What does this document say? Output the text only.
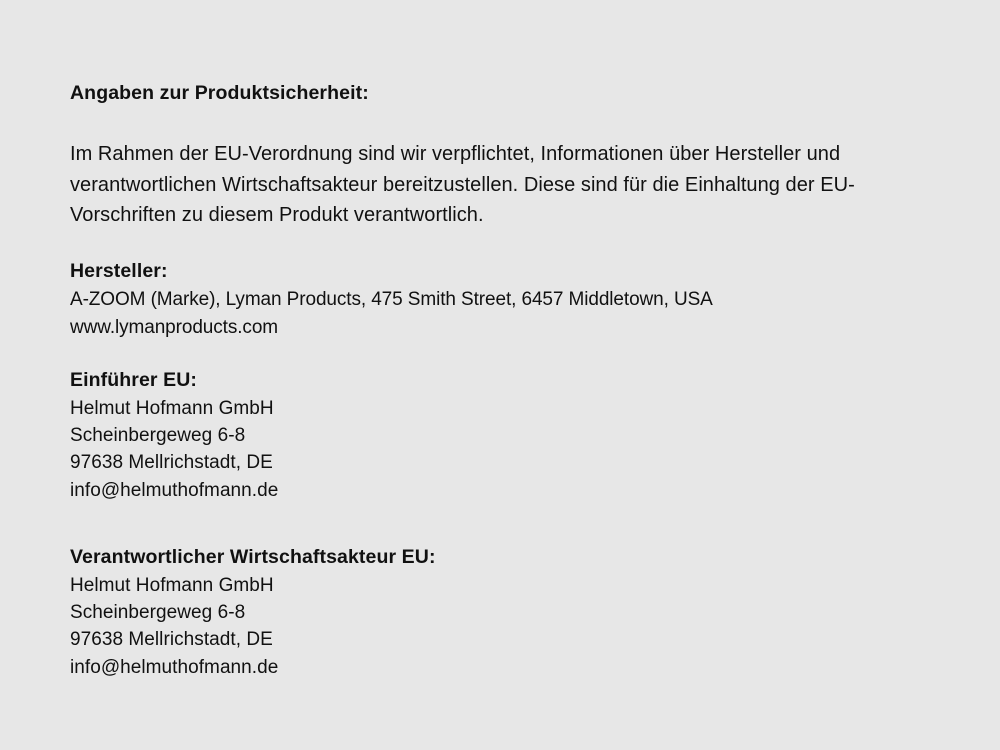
Angaben zur Produktsicherheit:

Im Rahmen der EU-Verordnung sind wir verpflichtet, Informationen über Hersteller und verantwortlichen Wirtschaftsakteur bereitzustellen. Diese sind für die Einhaltung der EU-Vorschriften zu diesem Produkt verantwortlich.

Hersteller:
A-ZOOM (Marke), Lyman Products, 475 Smith Street, 6457 Middletown, USA
www.lymanproducts.com
Einführer EU:
Helmut Hofmann GmbH
Scheinbergeweg 6-8
97638 Mellrichstadt, DE
info@helmuthofmann.de
Verantwortlicher Wirtschaftsakteur EU:
Helmut Hofmann GmbH
Scheinbergeweg 6-8
97638 Mellrichstadt, DE
info@helmuthofmann.de
